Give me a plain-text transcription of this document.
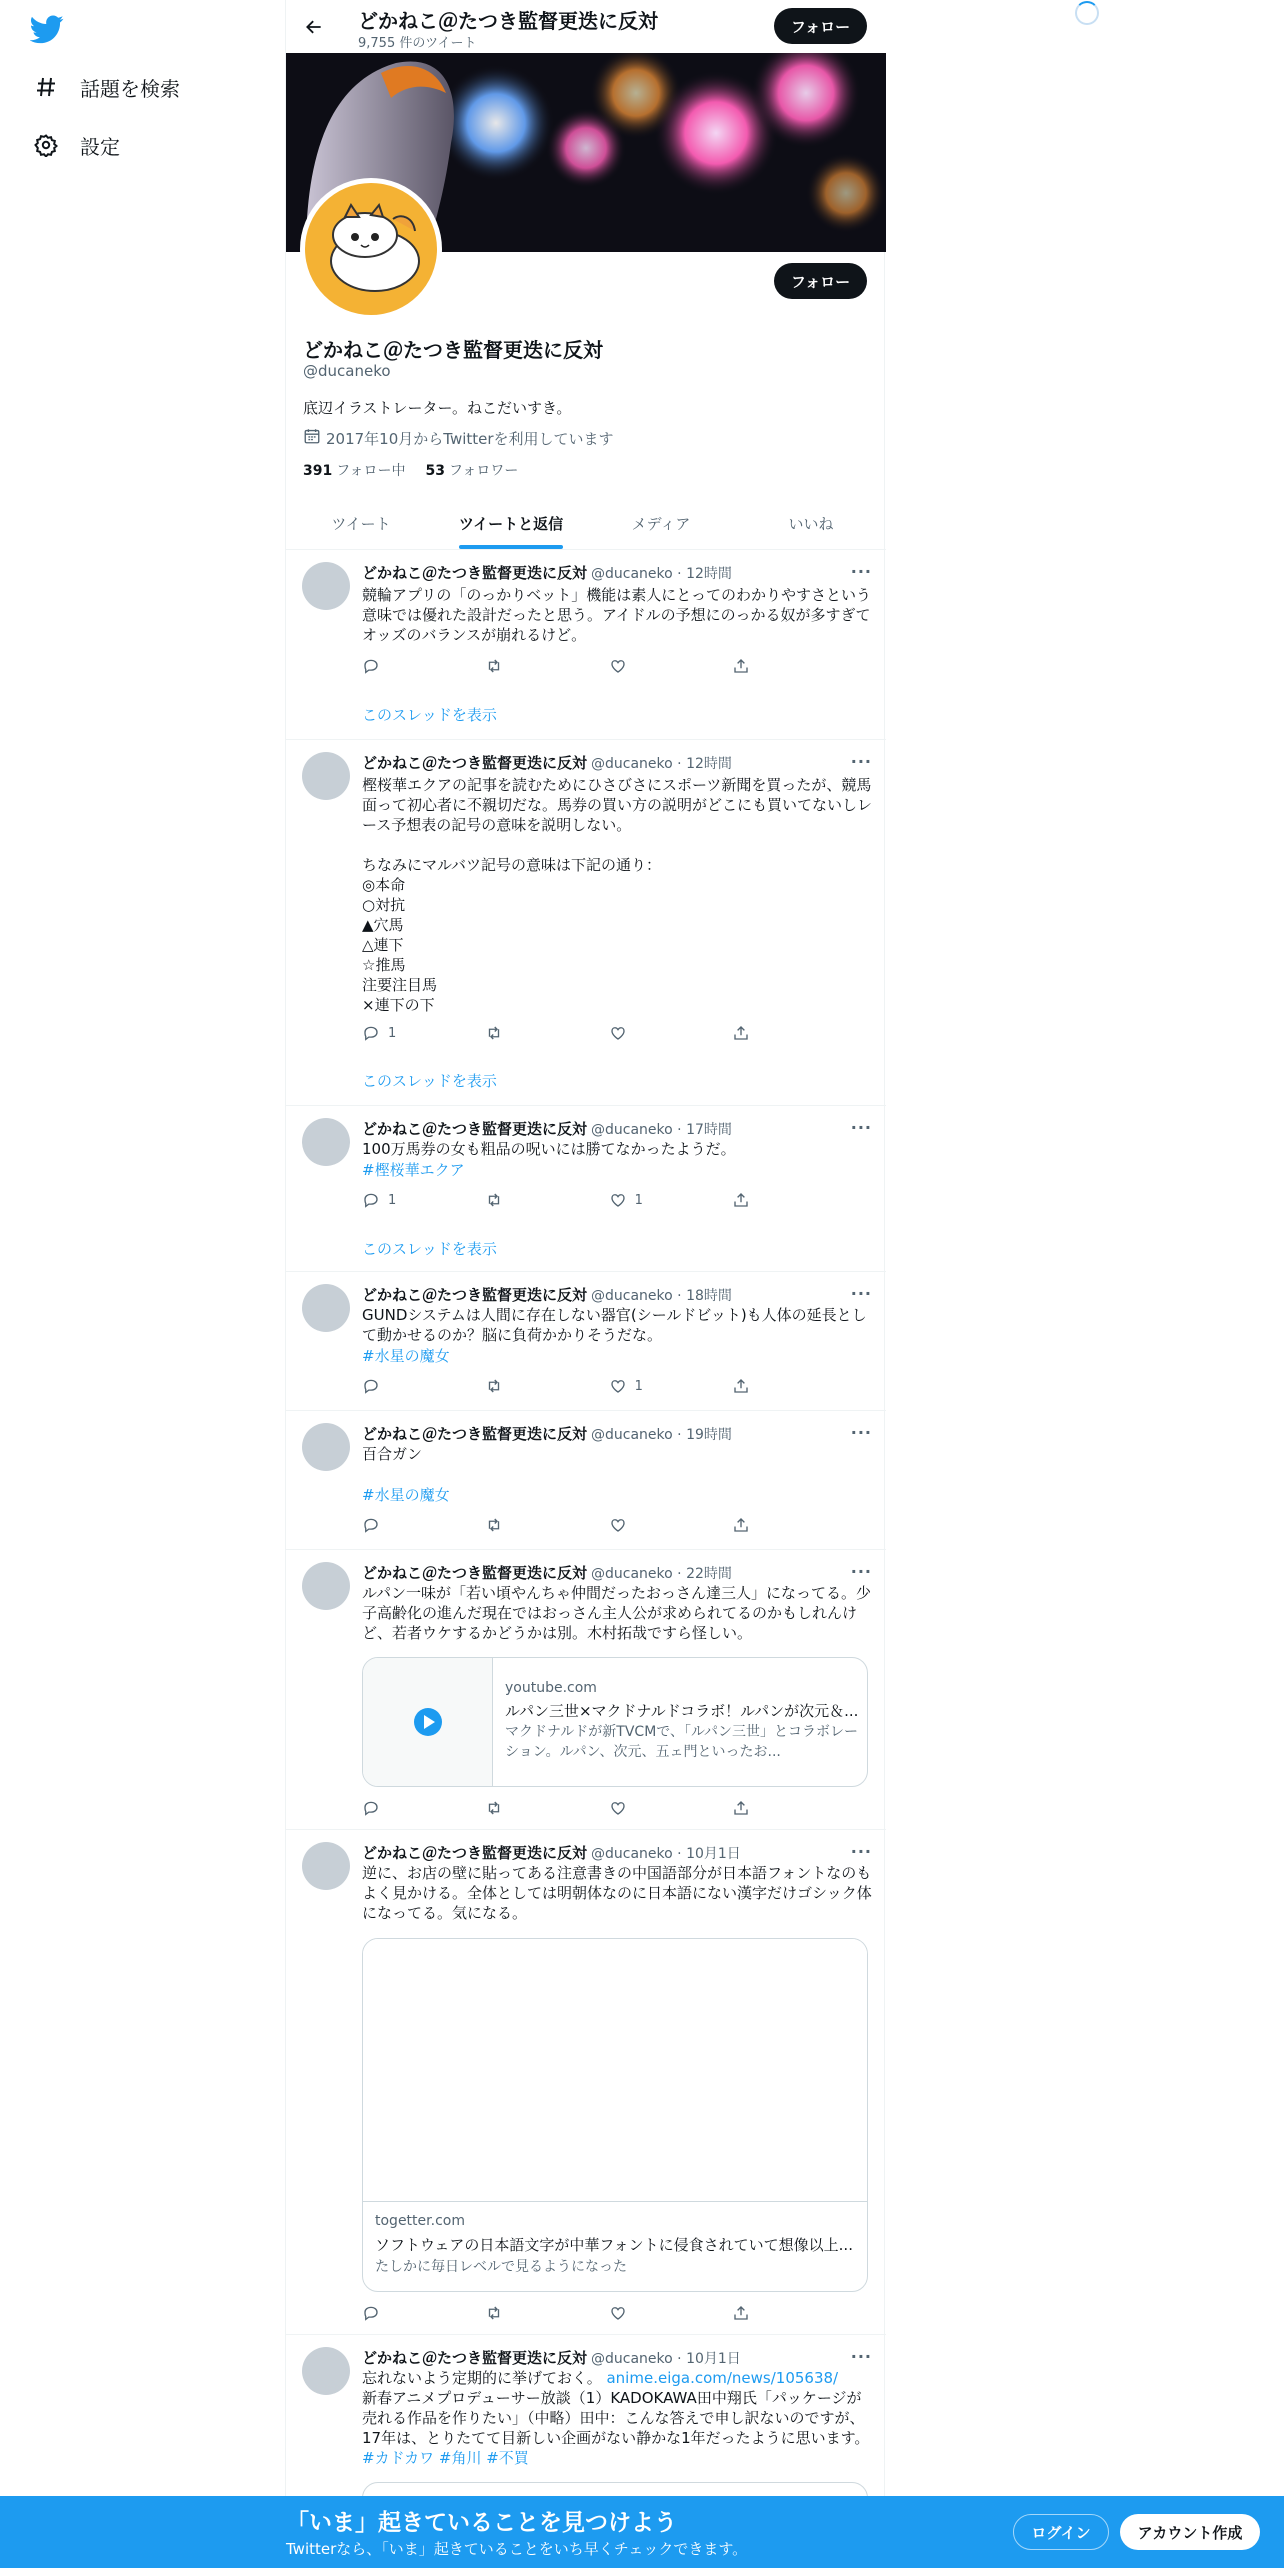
話題を検索
設定
どかねこ＠たつき監督更迭に反対
9,755 件のツイート
フォロー
フォロー
どかねこ＠たつき監督更迭に反対
@ducaneko
底辺イラストレーター。ねこだいすき。
2017年10月からTwitterを利用しています
391 フォロー中 53 フォロワー
ツイート	ツイートと返信	メディア	いいね
どかねこ＠たつき監督更迭に反対 @ducaneko · 12時間	···
競輪アプリの「のっかりベット」機能は素人にとってのわかりやすさという意味では優れた設計だったと思う。アイドルの予想にのっかる奴が多すぎてオッズのバランスが崩れるけど。
このスレッドを表示
どかねこ＠たつき監督更迭に反対 @ducaneko · 12時間	···
樫桜華エクアの記事を読むためにひさびさにスポーツ新聞を買ったが、競馬面って初心者に不親切だな。馬券の買い方の説明がどこにも買いてないしレース予想表の記号の意味を説明しない。

ちなみにマルバツ記号の意味は下記の通り：
◎本命
○対抗
▲穴馬
△連下
☆推馬
注要注目馬
×連下の下
1
このスレッドを表示
どかねこ＠たつき監督更迭に反対 @ducaneko · 17時間	···
100万馬券の女も粗品の呪いには勝てなかったようだ。
#樫桜華エクア
1	1
このスレッドを表示
どかねこ＠たつき監督更迭に反対 @ducaneko · 18時間	···
GUNDシステムは人間に存在しない器官(シールドビット)も人体の延長として動かせるのか？脳に負荷かかりそうだな。
#水星の魔女
1
どかねこ＠たつき監督更迭に反対 @ducaneko · 19時間	···
百合ガン
#水星の魔女
どかねこ＠たつき監督更迭に反対 @ducaneko · 22時間	···
ルパン一味が「若い頃やんちゃ仲間だったおっさん達三人」になってる。少子高齢化の進んだ現在ではおっさん主人公が求められてるのかもしれんけど、若者ウケするかどうかは別。木村拓哉ですら怪しい。
youtube.com
ルパン三世×マクドナルドコラボ！ルパンが次元＆...
マクドナルドが新TVCMで、「ルパン三世」とコラボレーション。ルパン、次元、五ェ門といったお...
どかねこ＠たつき監督更迭に反対 @ducaneko · 10月1日	···
逆に、お店の壁に貼ってある注意書きの中国語部分が日本語フォントなのもよく見かける。全体としては明朝体なのに日本語にない漢字だけゴシック体になってる。気になる。
togetter.com
ソフトウェアの日本語文字が中華フォントに侵食されていて想像以上...
たしかに毎日レベルで見るようになった
どかねこ＠たつき監督更迭に反対 @ducaneko · 10月1日	···
忘れないよう定期的に挙げておく。 anime.eiga.com/news/105638/
新春アニメプロデューサー放談（1）KADOKAWA田中翔氏「パッケージが売れる作品を作りたい」（中略）田中：こんな答えで申し訳ないのですが、17年は、とりたてて目新しい企画がない静かな1年だったように思います。 #カドカワ #角川 #不買
「いま」起きていることを見つけよう
Twitterなら、「いま」起きていることをいち早くチェックできます。
ログイン	アカウント作成
